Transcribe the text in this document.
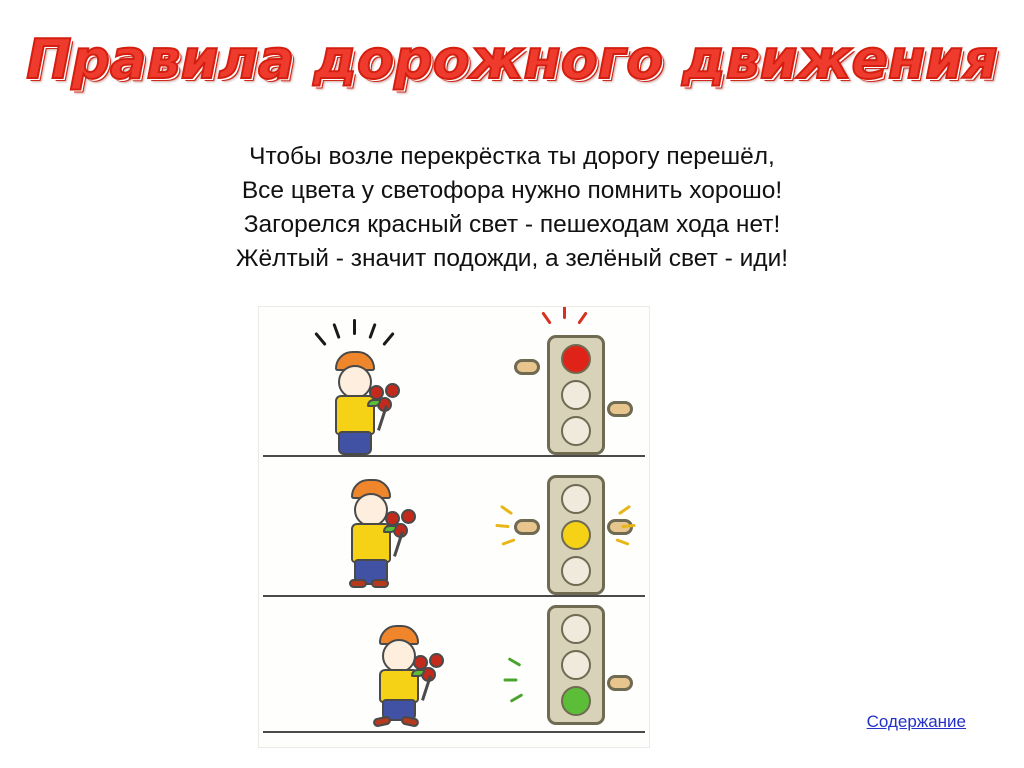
Правила дорожного движения
Чтобы возле перекрёстка ты дорогу перешёл,
Все цвета у светофора нужно помнить хорошо!
Загорелся красный свет - пешеходам хода нет!
Жёлтый - значит подожди, а зелёный свет - иди!
Содержание
